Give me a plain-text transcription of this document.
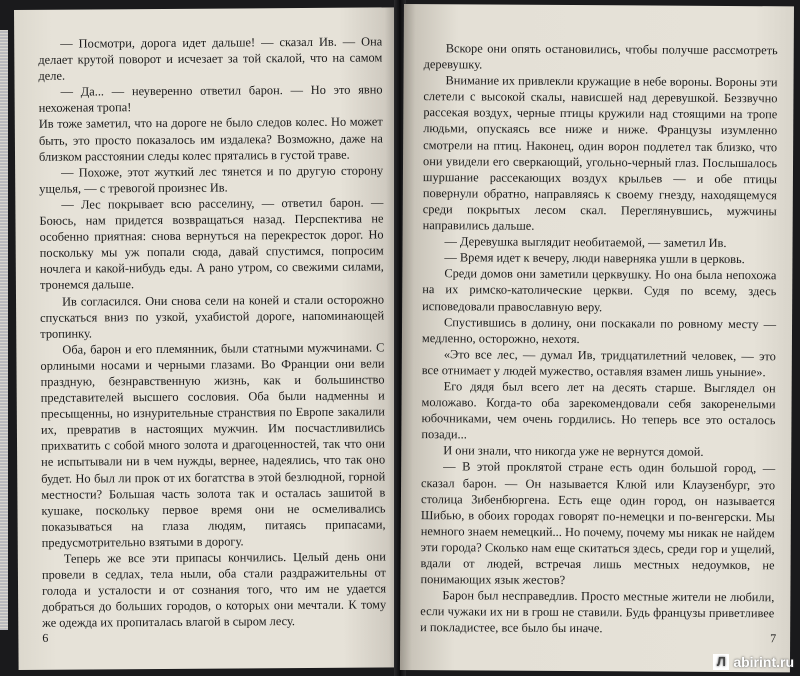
— Посмотри, дорога идет дальше! — сказал Ив. — Она делает крутой поворот и исчезает за той скалой, что на самом деле.

— Да... — неуверенно ответил барон. — Но это явно нехоженая тропа!

Ив тоже заметил, что на дороге не было следов колес. Но может быть, это просто показалось им издалека? Возможно, даже на близком расстоянии следы колес прятались в густой траве.

— Похоже, этот жуткий лес тянется и по другую сторону ущелья, — с тревогой произнес Ив.

— Лес покрывает всю расселину, — ответил барон. — Боюсь, нам придется возвращаться назад. Перспектива не особенно приятная: снова вернуться на перекресток дорог. Но поскольку мы уж попали сюда, давай спустимся, попросим ночлега и какой-нибудь еды. А рано утром, со свежими силами, тронемся дальше.

Ив согласился. Они снова сели на коней и стали осторожно спускаться вниз по узкой, ухабистой дороге, напоминающей тропинку.

Оба, барон и его племянник, были статными мужчинами. С орлиными носами и черными глазами. Во Франции они вели праздную, безнравственную жизнь, как и большинство представителей высшего сословия. Оба были надменны и пресыщенны, но изнурительные странствия по Европе закалили их, превратив в настоящих мужчин. Им посчастливились прихватить с собой много золота и драгоценностей, так что они не испытывали ни в чем нужды, вернее, надеялись, что так оно будет. Но был ли прок от их богатства в этой безлюдной, горной местности? Большая часть золота так и осталась зашитой в кушаке, поскольку первое время они не осмеливались показываться на глаза людям, питаясь припасами, предусмотрительно взятыми в дорогу.

Теперь же все эти припасы кончились. Целый день они провели в седлах, тела ныли, оба стали раздражительны от голода и усталости и от сознания того, что им не удается добраться до больших городов, о которых они мечтали. К тому же одежда их пропиталась влагой в сыром лесу.

6

Вскоре они опять остановились, чтобы получше рассмотреть деревушку.

Внимание их привлекли кружащие в небе вороны. Вороны эти слетели с высокой скалы, нависшей над деревушкой. Беззвучно рассекая воздух, черные птицы кружили над стоящими на тропе людьми, опускаясь все ниже и ниже. Французы изумленно смотрели на птиц. Наконец, один ворон подлетел так близко, что они увидели его сверкающий, угольно-черный глаз. Послышалось шуршание рассекающих воздух крыльев — и обе птицы повернули обратно, направляясь к своему гнезду, находящемуся среди покрытых лесом скал. Переглянувшись, мужчины направились дальше.

— Деревушка выглядит необитаемой, — заметил Ив.

— Время идет к вечеру, люди наверняка ушли в церковь.

Среди домов они заметили церквушку. Но она была непохожа на их римско-католические церкви. Судя по всему, здесь исповедовали православную веру.

Спустившись в долину, они поскакали по ровному месту — медленно, осторожно, нехотя.

«Это все лес, — думал Ив, тридцатилетний человек, — это все отнимает у людей мужество, оставляя взамен лишь уныние».

Его дядя был всего лет на десять старше. Выглядел он моложаво. Когда-то оба зарекомендовали себя закоренелыми юбочниками, чем очень гордились. Но теперь все это осталось позади...

И они знали, что никогда уже не вернутся домой.

— В этой проклятой стране есть один большой город, — сказал барон. — Он называется Клюй или Клаузенбург, это столица Зибенбюргена. Есть еще один город, он называется Шибью, в обоих городах говорят по-немецки и по-венгерски. Мы немного знаем немецкий... Но почему, почему мы никак не найдем эти города? Сколько нам еще скитаться здесь, среди гор и ущелий, вдали от людей, встречая лишь местных недоумков, не понимающих язык жестов?

Барон был несправедлив. Просто местные жители не любили, если чужаки их ни в грош не ставили. Будь французы приветливее и покладистее, все было бы иначе.

7
Л abirint.ru
